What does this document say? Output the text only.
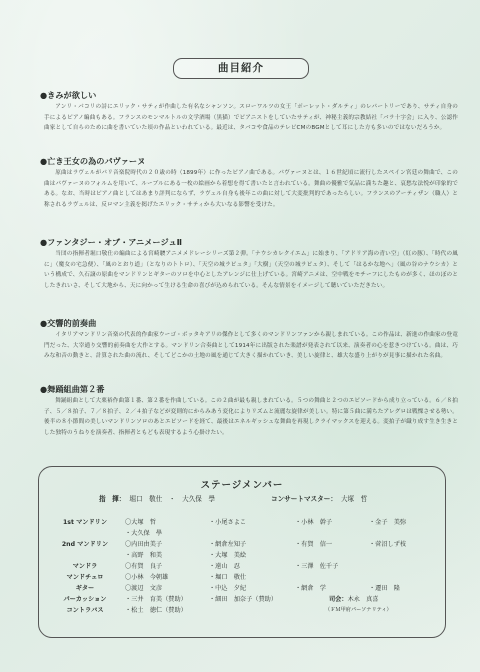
曲目紹介
●きみが欲しい
アンリ・パコリの詩にエリック・サティが作曲した有名なシャンソン。スローワルツの女王「ポーレット・ダルティ」のレパートリーであり、サティ自身の手によるピアノ編曲もある。フランスのモンマルトルの文学酒場（黒猫）でピアニストをしていたサティが、神秘主義的宗教結社「バラ十字会」に入り、公認作曲家として自らのために曲を書いていた頃の作品といわれている。最近は、タバコや食品のテレビCMのBGMとして耳にした方も多いのではないだろうか。
●亡き王女の為のパヴァーヌ
原曲はラヴェルがパリ音楽院時代の２０歳の時（1899年）に作ったピアノ曲である。パヴァーヌとは、１６世紀頃に流行したスペイン宮廷の舞曲で、この曲はパヴァーヌのフォルムを用いて、ルーブルにある一枚の絵画から着想を得て書いたと言われている。舞曲の優雅で気品に満ちた趣と、哀愁な法悦が印象的である。なお、当時はピアノ曲としてはあまり評判にならず、ラヴェル自身も後年この曲に対して大変批判的であったらしい。フランスのアーティザン（職人）と称されるラヴェルは、反ロマン主義を掲げたエリック・サティから大いなる影響を受けた。
●ファンタジー・オブ・アニメージュⅡ
当団の指揮者堀口敬仕の編曲による宮崎駿アニメメドレーシリーズ第２弾。「ナウシカレクイエム」に始まり、「アドリア海の青い空」（紅の豚）、「時代の風に」（魔女の宅急便）、「風のとおり道」（となりのトトロ）、「天空の城ラピュタ」「大樹」（天空の城ラピュタ）、そして「はるかな地へ」（風の谷のナウシカ）という構成で、久石譲の原曲をマンドリンとギターのソロを中心としたアレンジに仕上げている。宮崎アニメは、空中戦をモチーフにしたものが多く、ほのぼのとしたきれいさ、そして大地から、天に向かって生ける生命の喜びが込められている。そんな情景をイメージして聴いていただきたい。
●交響的前奏曲
イタリアマンドリン音楽の代表的作曲家ウーゴ・ボッタキアリの傑作として多くのマンドリンファンから親しまれている。この作品は、新進の作曲家の登竜門だった、大宰通り交響的前奏曲を大作とする。マンドリン合奏曲として1914年に出版された楽譜が発表されて以来、演奏者の心を惹きつけている。曲は、巧みな和音の動きと、計算された曲の流れ、そしてどこかの土地の風を通じて大きく描かれていき、美しい旋律と、雄大な盛り上がりが見事に描かれた名曲。
●舞踊組曲第２番
舞踊組曲として大栗裕作曲第１番、第２番を作曲している。この２曲が最も親しまれている。５つの舞曲と２つのエピソードから成り立っている。６／８拍子、５／８拍子、７／８拍子、２／４拍子などが変則的にからみあう変化によりリズムと流麗な旋律が美しい。特に第５曲に満ちたアレグロは戦慄させる勢い。後半の８小節間の美しいマンドリンソロのあとエピソードを経て、最後はエネルギッシュな舞曲を再現しクライマックスを迎える。変拍子が織り成す生き生きとした独特のうねりを演奏者、指揮者ともども表現するよう心掛けたい。
ステージメンバー
指　揮： 堀口　敬仕　・　大久保　學	コンサートマスター： 大塚　哲
1st マンドリン	〇大塚　哲	・小尾さよこ	・小林　幹子	・金子　美弥
・大久保　學
2nd マンドリン	〇内田由美子	・網倉左知子	・有賀　信一	・菅沼しず枝
・高野　和美	・大塚　美絵
マンドラ	〇有賀　良子	・遠山　忍	・三澤　佐千子
マンドチェロ	〇小林　今朝雄	・堀口　敬仕
ギター	〇渡辺　文彦	・中込　夕紀	・網倉　学	・遷田　隆
パーカッション	・三井　育美（賛助）	・細田　加奈子（賛助）
コントラバス	・松土　徳仁（賛助）
司会：木永　真喜
（ＦＭ甲府パーソナリティ）
